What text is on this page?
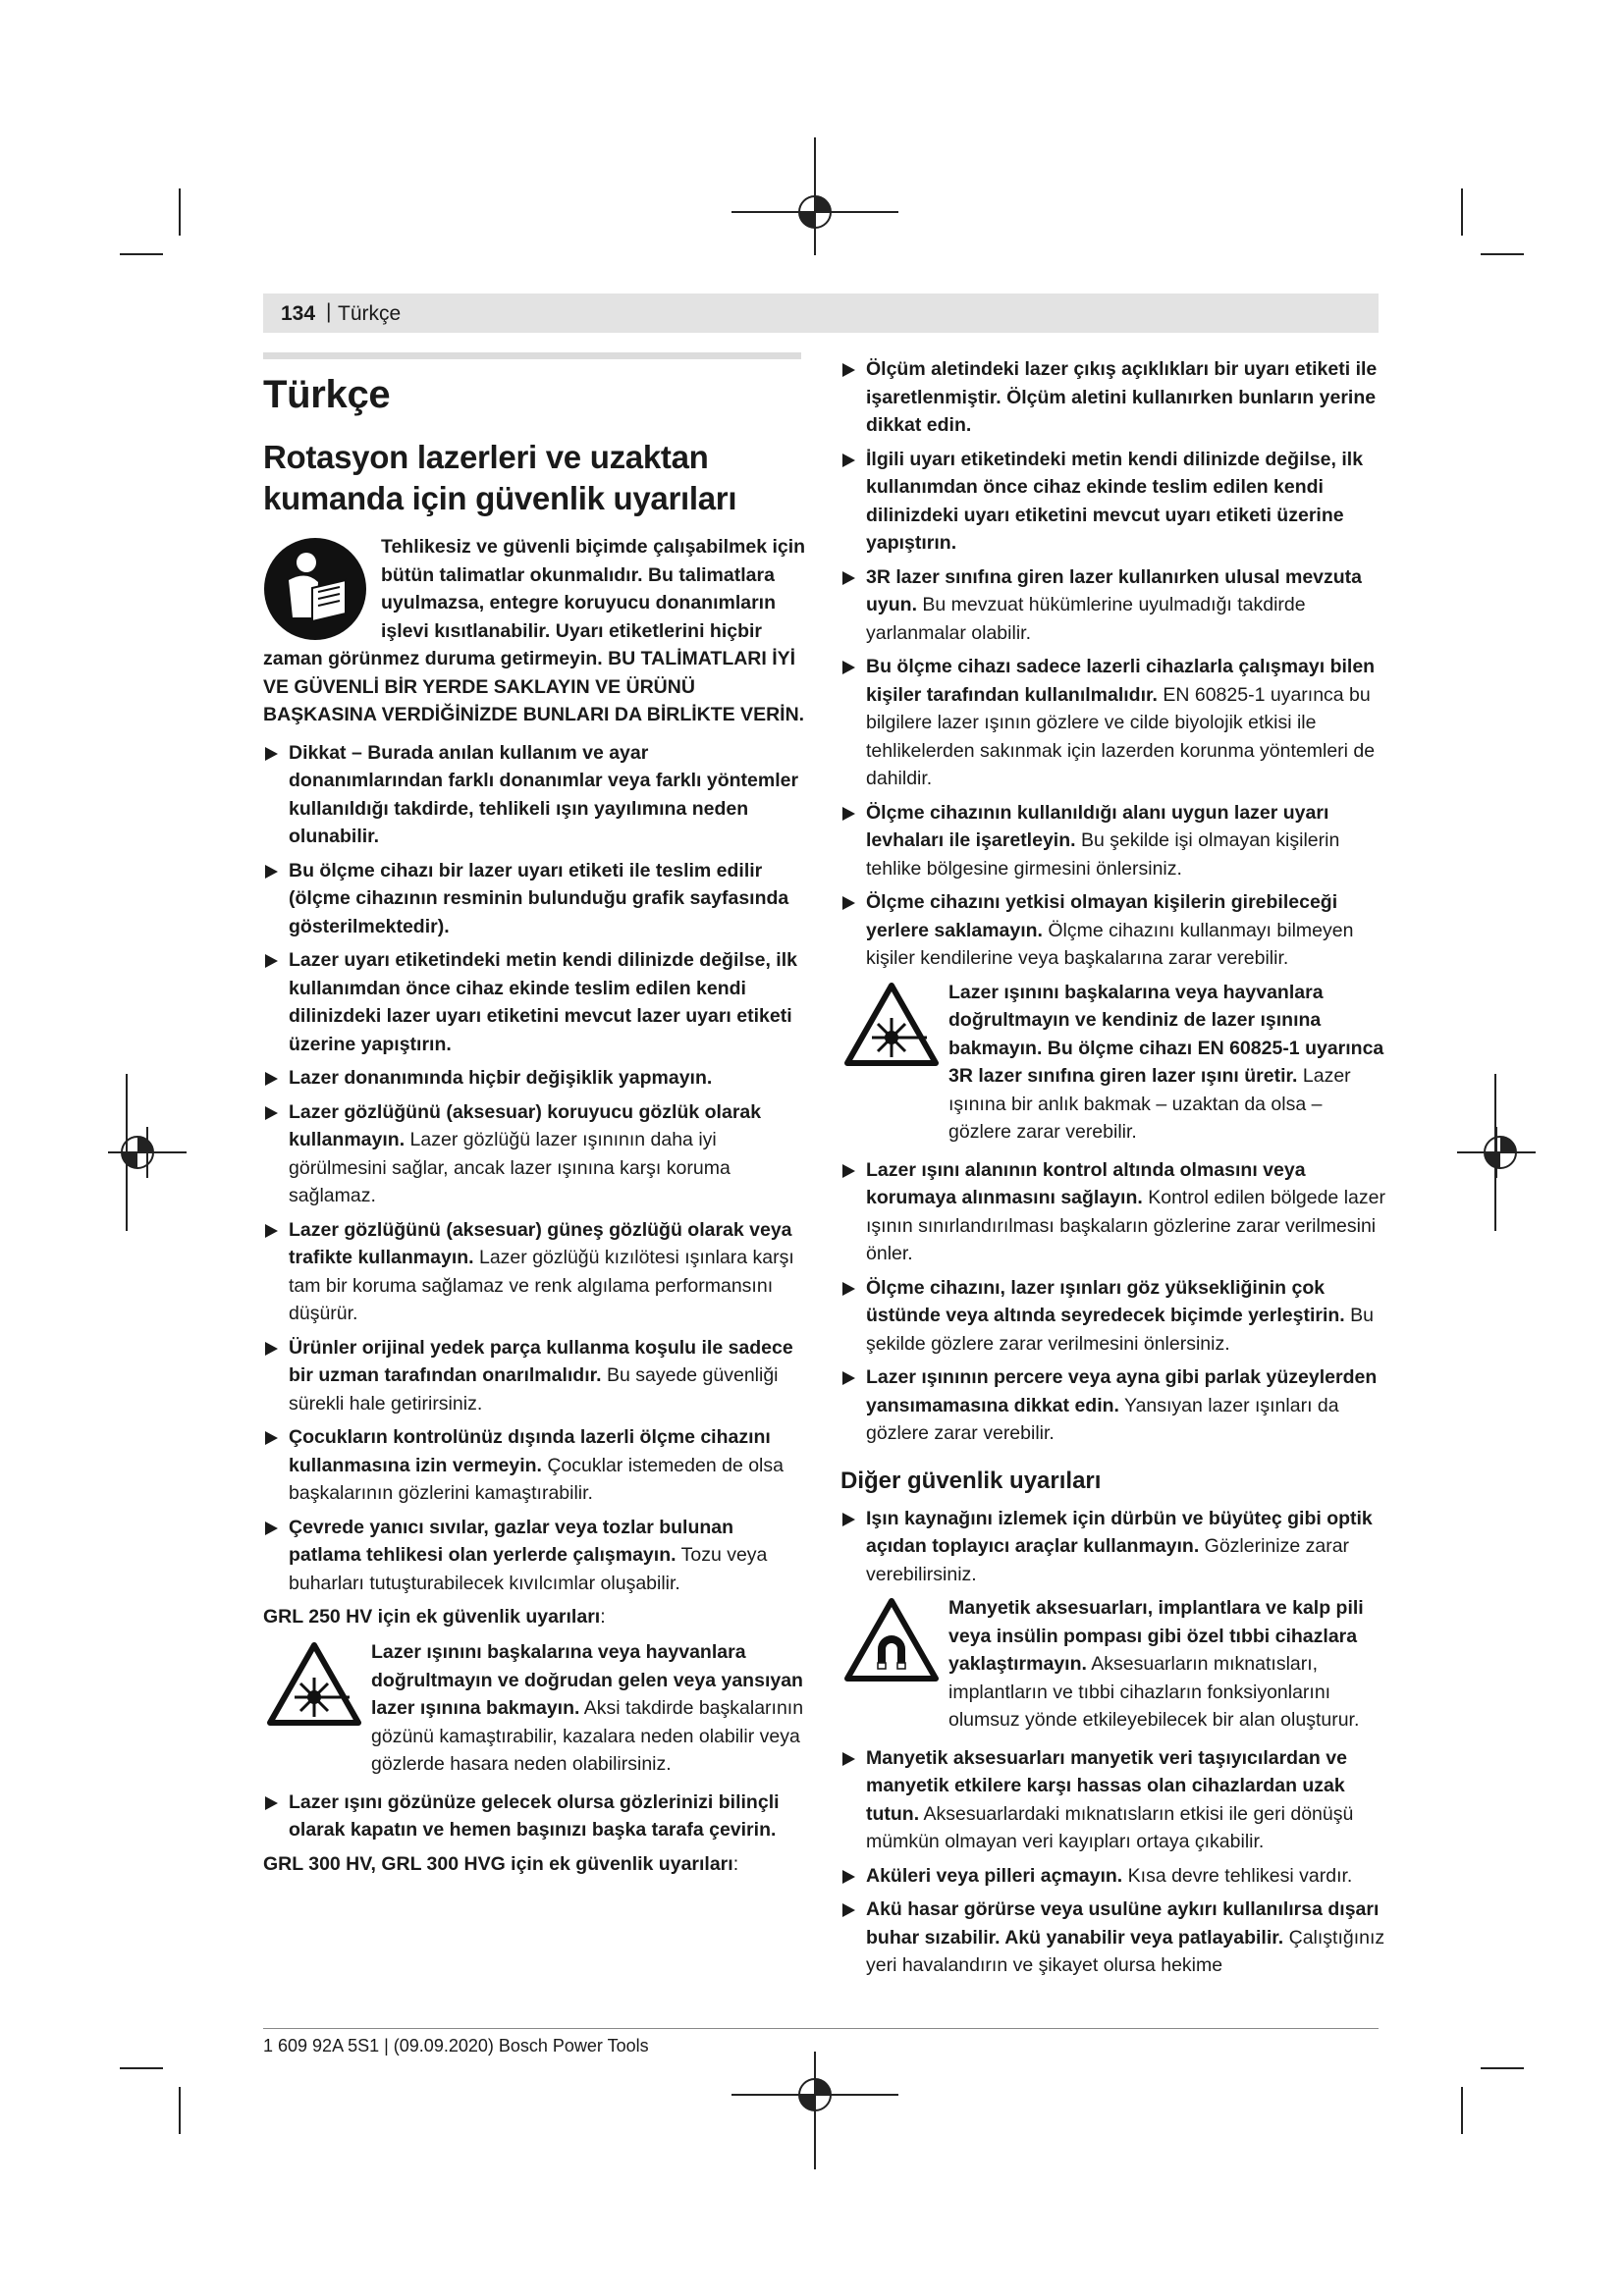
134 | Türkçe
Türkçe
Rotasyon lazerleri ve uzaktan kumanda için güvenlik uyarıları
Tehlikesiz ve güvenli biçimde çalışabilmek için bütün talimatlar okunmalıdır. Bu talimatlara uyulmazsa, entegre koruyucu donanımların işlevi kısıtlanabilir. Uyarı etiketlerini hiçbir zaman görünmez duruma getirmeyin. BU TALİMATLARI İYİ VE GÜVENLİ BİR YERDE SAKLAYIN VE ÜRÜNÜ BAŞKASINA VERDİĞİNİZDE BUNLARI DA BİRLİKTE VERİN.
Dikkat – Burada anılan kullanım ve ayar donanımlarından farklı donanımlar veya farklı yöntemler kullanıldığı takdirde, tehlikeli ışın yayılımına neden olunabilir.
Bu ölçme cihazı bir lazer uyarı etiketi ile teslim edilir (ölçme cihazının resminin bulunduğu grafik sayfasında gösterilmektedir).
Lazer uyarı etiketindeki metin kendi dilinizde değilse, ilk kullanımdan önce cihaz ekinde teslim edilen kendi dilinizdeki lazer uyarı etiketini mevcut lazer uyarı etiketi üzerine yapıştırın.
Lazer donanımında hiçbir değişiklik yapmayın.
Lazer gözlüğünü (aksesuar) koruyucu gözlük olarak kullanmayın. Lazer gözlüğü lazer ışınının daha iyi görülmesini sağlar, ancak lazer ışınına karşı koruma sağlamaz.
Lazer gözlüğünü (aksesuar) güneş gözlüğü olarak veya trafikte kullanmayın. Lazer gözlüğü kızılötesi ışınlara karşı tam bir koruma sağlamaz ve renk algılama performansını düşürür.
Ürünler orijinal yedek parça kullanma koşulu ile sadece bir uzman tarafından onarılmalıdır. Bu sayede güvenliği sürekli hale getirirsiniz.
Çocukların kontrolünüz dışında lazerli ölçme cihazını kullanmasına izin vermeyin. Çocuklar istemeden de olsa başkalarının gözlerini kamaştırabilir.
Çevrede yanıcı sıvılar, gazlar veya tozlar bulunan patlama tehlikesi olan yerlerde çalışmayın. Tozu veya buharları tutuşturabilecek kıvılcımlar oluşabilir.
GRL 250 HV için ek güvenlik uyarıları:
Lazer ışınını başkalarına veya hayvanlara doğrultmayın ve doğrudan gelen veya yansıyan lazer ışınına bakmayın. Aksi takdirde başkalarının gözünü kamaştırabilir, kazalara neden olabilir veya gözlerde hasara neden olabilirsiniz.
Lazer ışını gözünüze gelecek olursa gözlerinizi bilinçli olarak kapatın ve hemen başınızı başka tarafa çevirin.
GRL 300 HV, GRL 300 HVG için ek güvenlik uyarıları:
Ölçüm aletindeki lazer çıkış açıklıkları bir uyarı etiketi ile işaretlenmiştir. Ölçüm aletini kullanırken bunların yerine dikkat edin.
İlgili uyarı etiketindeki metin kendi dilinizde değilse, ilk kullanımdan önce cihaz ekinde teslim edilen kendi dilinizdeki uyarı etiketini mevcut uyarı etiketi üzerine yapıştırın.
3R lazer sınıfına giren lazer kullanırken ulusal mevzuta uyun. Bu mevzuat hükümlerine uyulmadığı takdirde yarlanmalar olabilir.
Bu ölçme cihazı sadece lazerli cihazlarla çalışmayı bilen kişiler tarafından kullanılmalıdır. EN 60825-1 uyarınca bu bilgilere lazer ışının gözlere ve cilde biyolojik etkisi ile tehlikelerden sakınmak için lazerden korunma yöntemleri de dahildir.
Ölçme cihazının kullanıldığı alanı uygun lazer uyarı levhaları ile işaretleyin. Bu şekilde işi olmayan kişilerin tehlike bölgesine girmesini önlersiniz.
Ölçme cihazını yetkisi olmayan kişilerin girebileceği yerlere saklamayın. Ölçme cihazını kullanmayı bilmeyen kişiler kendilerine veya başkalarına zarar verebilir.
Lazer ışınını başkalarına veya hayvanlara doğrultmayın ve kendiniz de lazer ışınına bakmayın. Bu ölçme cihazı EN 60825-1 uyarınca 3R lazer sınıfına giren lazer ışını üretir. Lazer ışınına bir anlık bakmak – uzaktan da olsa – gözlere zarar verebilir.
Lazer ışını alanının kontrol altında olmasını veya korumaya alınmasını sağlayın. Kontrol edilen bölgede lazer ışının sınırlandırılması başkaların gözlerine zarar verilmesini önler.
Ölçme cihazını, lazer ışınları göz yüksekliğinin çok üstünde veya altında seyredecek biçimde yerleştirin. Bu şekilde gözlere zarar verilmesini önlersiniz.
Lazer ışınının percere veya ayna gibi parlak yüzeylerden yansımamasına dikkat edin. Yansıyan lazer ışınları da gözlere zarar verebilir.
Diğer güvenlik uyarıları
Işın kaynağını izlemek için dürbün ve büyüteç gibi optik açıdan toplayıcı araçlar kullanmayın. Gözlerinize zarar verebilirsiniz.
Manyetik aksesuarları, implantlara ve kalp pili veya insülin pompası gibi özel tıbbi cihazlara yaklaştırmayın. Aksesuarların mıknatısları, implantların ve tıbbi cihazların fonksiyonlarını olumsuz yönde etkileyebilecek bir alan oluşturur.
Manyetik aksesuarları manyetik veri taşıyıcılardan ve manyetik etkilere karşı hassas olan cihazlardan uzak tutun. Aksesuarlardaki mıknatısların etkisi ile geri dönüşü mümkün olmayan veri kayıpları ortaya çıkabilir.
Aküleri veya pilleri açmayın. Kısa devre tehlikesi vardır.
Akü hasar görürse veya usulüne aykırı kullanılırsa dışarı buhar sızabilir. Akü yanabilir veya patlayabilir. Çalıştığınız yeri havalandırın ve şikayet olursa hekime
1 609 92A 5S1 | (09.09.2020) Bosch Power Tools
